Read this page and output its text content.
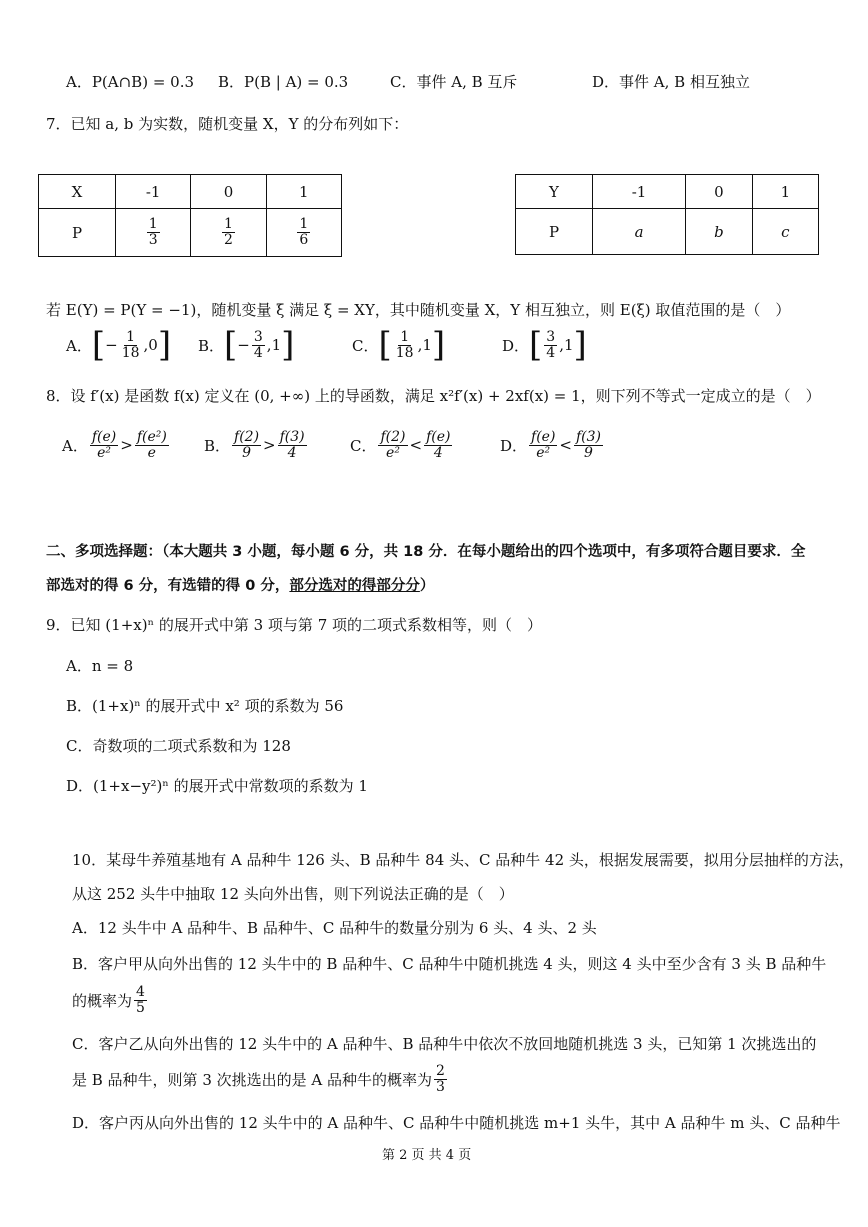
A．P(A∩B) = 0.3 B．P(B | A) = 0.3	C．事件 A, B 互斥	D．事件 A, B 相互独立
7．已知 a, b 为实数，随机变量 X，Y 的分布列如下：
X	-1	0	1
P	$\frac{1}{3}$	$\frac{1}{2}$	$\frac{1}{6}$
Y	-1	0	1
P	a	b	c
若 E(Y) = P(Y = −1)，随机变量 ξ 满足 ξ = XY，其中随机变量 X，Y 相互独立，则 E(ξ) 取值范围的是（　）
A． [ − $\frac{1}{18}$ , 0 ] B． [ − $\frac{3}{4}$ , 1 ]	C． [ $\frac{1}{18}$ , 1 ]	D． [ $\frac{3}{4}$ , 1 ]
8．设 f′(x) 是函数 f(x) 定义在 (0, +∞) 上的导函数，满足 x²f′(x) + 2xf(x) = 1，则下列不等式一定成立的是（　）
A． $\frac{f(e)}{\text{e²}} > \frac{\text{f(e²)}}{e}$ B． $\frac{f(2)}{9} > \frac{f(3)}{4}$	C． $\frac{f(2)}{\text{e²}} < \frac{f(e)}{4}$	D． $\frac{f(e)}{\text{e²}} < \frac{f(3)}{9}$
二、多项选择题：（本大题共 3 小题，每小题 6 分，共 18 分．在每小题给出的四个选项中，有多项符合题目要求．全
部选对的得 6 分，有选错的得 0 分，部分选对的得部分分）
9．已知 (1+x)ⁿ 的展开式中第 3 项与第 7 项的二项式系数相等，则（　）
A．n = 8
B．(1+x)ⁿ 的展开式中 x² 项的系数为 56
C．奇数项的二项式系数和为 128
D．(1+x−y²)ⁿ 的展开式中常数项的系数为 1
10．某母牛养殖基地有 A 品种牛 126 头、B 品种牛 84 头、C 品种牛 42 头，根据发展需要，拟用分层抽样的方法，
从这 252 头牛中抽取 12 头向外出售，则下列说法正确的是（　）
A．12 头牛中 A 品种牛、B 品种牛、C 品种牛的数量分别为 6 头、4 头、2 头
B．客户甲从向外出售的 12 头牛中的 B 品种牛、C 品种牛中随机挑选 4 头，则这 4 头中至少含有 3 头 B 品种牛
的概率为 $\frac{4}{5}$
C．客户乙从向外出售的 12 头牛中的 A 品种牛、B 品种牛中依次不放回地随机挑选 3 头，已知第 1 次挑选出的
是 B 品种牛，则第 3 次挑选出的是 A 品种牛的概率为 $\frac{2}{3}$
D．客户丙从向外出售的 12 头牛中的 A 品种牛、C 品种牛中随机挑选 m+1 头牛，其中 A 品种牛 m 头、C 品种牛
第 2 页 共 4 页
